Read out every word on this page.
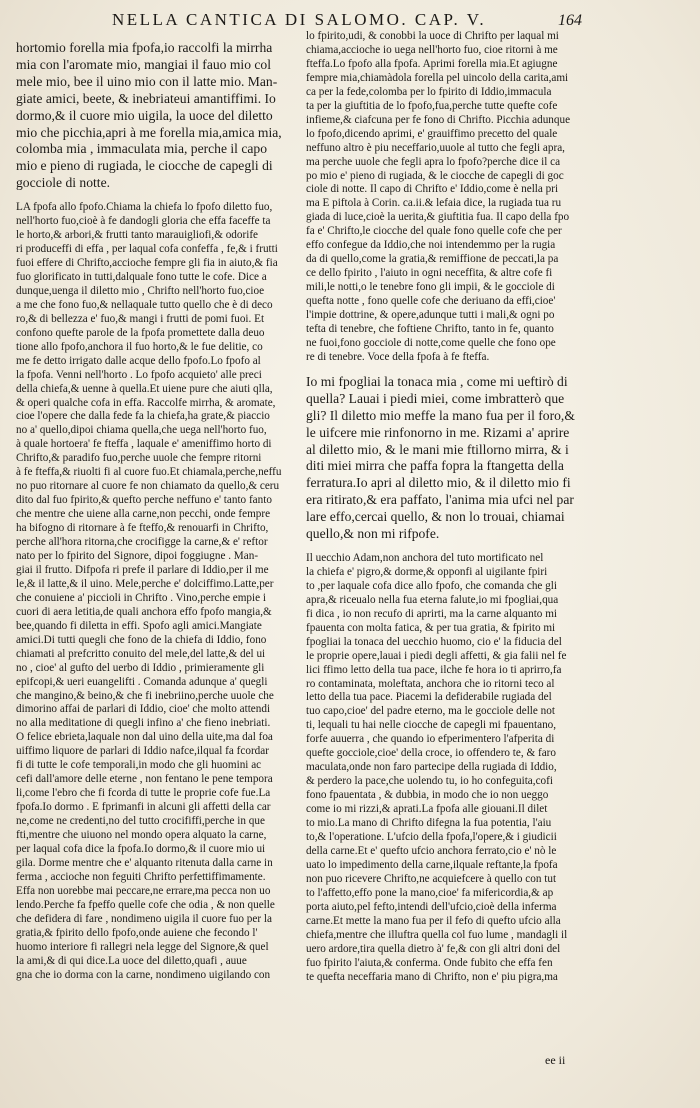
NELLA CANTICA DI SALOMO. CAP. V.	164

hortomio forella mia fpofa,io raccolfi la mirrha

mia con l'aromate mio, mangiai il fauo mio col

mele mio, bee il uino mio con il latte mio. Man-

giate amici, beete, & inebriateui amantiffimi. Io

dormo,& il cuore mio uigila, la uoce del diletto

mio che picchia,apri à me forella mia,amica mia,

colomba mia , immaculata mia, perche il capo

mio e pieno di rugiada, le ciocche de capegli di

gocciole di notte.

LA fpofa allo fpofo.Chiama la chiefa lo fpofo diletto fuo,

nell'horto fuo,cioè à fe dandogli gloria che effa faceffe ta

le horto,& arbori,& frutti tanto marauigliofi,& odorife

ri produceffi di effa , per laqual cofa confeffa , fe,& i frutti

fuoi effere di Chrifto,accioche fempre gli fia in aiuto,& fia

fuo glorificato in tutti,dalquale fono tutte le cofe. Dice a

dunque,uenga il diletto mio , Chrifto nell'horto fuo,cioe

a me che fono fuo,& nellaquale tutto quello che è di deco

ro,& di bellezza e' fuo,& mangi i frutti de pomi fuoi. Et

confono quefte parole de la fpofa promettete dalla deuo

tione allo fpofo,anchora il fuo horto,& le fue delitie, co

me fe detto irrigato dalle acque dello fpofo.Lo fpofo al

la fpofa. Venni nell'horto . Lo fpofo acquieto' alle preci

della chiefa,& uenne à quella.Et uiene pure che aiuti qlla,

& operi qualche cofa in effa. Raccolfe mirrha, & aromate,

cioe l'opere che dalla fede fa la chiefa,ha grate,& piaccio

no a' quello,dipoi chiama quella,che uega nell'horto fuo,

à quale hortoera' fe fteffa , laquale e' ameniffimo horto di

Chrifto,& paradifo fuo,perche uuole che fempre ritorni

à fe fteffa,& riuolti fi al cuore fuo.Et chiamala,perche,neffu

no puo ritornare al cuore fe non chiamato da quello,& ceru

dito dal fuo fpirito,& quefto perche neffuno e' tanto fanto

che mentre che uiene alla carne,non pecchi, onde fempre

ha bifogno di ritornare à fe fteffo,& renouarfi in Chrifto,

perche all'hora ritorna,che crocifigge la carne,& e' reftor

nato per lo fpirito del Signore, dipoi foggiugne . Man-

giai il frutto. Difpofa ri prefe il parlare di Iddio,per il me

le,& il latte,& il uino. Mele,perche e' dolciffimo.Latte,per

che conuiene a' piccioli in Chrifto . Vino,perche empie i

cuori di aera letitia,de quali anchora effo fpofo mangia,&

bee,quando fi diletta in effi. Spofo agli amici.Mangiate

amici.Di tutti quegli che fono de la chiefa di Iddio, fono

chiamati al prefcritto conuito del mele,del latte,& del ui

no , cioe' al gufto del uerbo di Iddio , primieramente gli

epifcopi,& ueri euangelifti . Comanda adunque a' quegli

che mangino,& beino,& che fi inebriino,perche uuole che

dimorino affai de parlari di Iddio, cioe' che molto attendi

no alla meditatione di quegli infino a' che fieno inebriati.

O felice ebrieta,laquale non dal uino della uite,ma dal foa

uiffimo liquore de parlari di Iddio nafce,ilqual fa fcordar

fi di tutte le cofe temporali,in modo che gli huomini ac

cefi dall'amore delle eterne , non fentano le pene tempora

li,come l'ebro che fi fcorda di tutte le proprie cofe fue.La

fpofa.Io dormo . E fprimanfi in alcuni gli affetti della car

ne,come ne credenti,no del tutto crocififfi,perche in que

fti,mentre che uiuono nel mondo opera alquato la carne,

per laqual cofa dice la fpofa.Io dormo,& il cuore mio ui

gila. Dorme mentre che e' alquanto ritenuta dalla carne in

ferma , accioche non feguiti Chrifto perfettiffimamente.

Effa non uorebbe mai peccare,ne errare,ma pecca non uo

lendo.Perche fa fpeffo quelle cofe che odia , & non quelle

che defidera di fare , nondimeno uigila il cuore fuo per la

gratia,& fpirito dello fpofo,onde auiene che fecondo l'

huomo interiore fi rallegri nela legge del Signore,& quel

la ami,& di qui dice.La uoce del diletto,quafi , auue

gna che io dorma con la carne, nondimeno uigilando con

lo fpirito,udi, & conobbi la uoce di Chrifto per laqual mi

chiama,accioche io uega nell'horto fuo, cioe ritorni à me

fteffa.Lo fpofo alla fpofa. Aprimi forella mia.Et agiugne

fempre mia,chiamàdola forella pel uincolo della carita,ami

ca per la fede,colomba per lo fpirito di Iddio,immacula

ta per la giuftitia de lo fpofo,fua,perche tutte quefte cofe

infieme,& ciafcuna per fe fono di Chrifto. Picchia adunque

lo fpofo,dicendo aprimi, e' grauiffimo precetto del quale

neffuno altro è piu neceffario,uuole al tutto che fegli apra,

ma perche uuole che fegli apra lo fpofo?perche dice il ca

po mio e' pieno di rugiada, & le ciocche de capegli di goc

ciole di notte. Il capo di Chrifto e' Iddio,come è nella pri

ma E piftola à Corin. ca.ii.& lefaia dice, la rugiada tua ru

giada di luce,cioè la uerita,& giuftitia fua. Il capo della fpo

fa e' Chrifto,le ciocche del quale fono quelle cofe che per

effo confegue da Iddio,che noi intendemmo per la rugia

da di quello,come la gratia,& remiffione de peccati,la pa

ce dello fpirito , l'aiuto in ogni neceffita, & altre cofe fi

mili,le notti,o le tenebre fono gli impii, & le gocciole di

quefta notte , fono quelle cofe che deriuano da effi,cioe'

l'impie dottrine, & opere,adunque tutti i mali,& ogni po

tefta di tenebre, che foftiene Chrifto, tanto in fe, quanto

ne fuoi,fono gocciole di notte,come quelle che fono ope

re di tenebre. Voce della fpofa à fe fteffa.

Io mi fpogliai la tonaca mia , come mi ueftirò di

quella? Lauai i piedi miei, come imbratterò que

gli? Il diletto mio meffe la mano fua per il foro,&

le uifcere mie rinfonorno in me. Rizami a' aprire

al diletto mio, & le mani mie ftillorno mirra, & i

diti miei mirra che paffa fopra la ftangetta della

ferratura.Io apri al diletto mio, & il diletto mio fi

era ritirato,& era paffato, l'anima mia ufci nel par

lare effo,cercai quello, & non lo trouai, chiamai

quello,& non mi rifpofe.

Il uecchio Adam,non anchora del tuto mortificato nel

la chiefa e' pigro,& dorme,& opponfi al uigilante fpiri

to ,per laquale cofa dice allo fpofo, che comanda che gli

apra,& riceualo nella fua eterna falute,io mi fpogliai,qua

fi dica , io non recufo di aprirti, ma la carne alquanto mi

fpauenta con molta fatica, & per tua gratia, & fpirito mi

fpogliai la tonaca del uecchio huomo, cio e' la fiducia del

le proprie opere,lauai i piedi degli affetti, & gia falii nel fe

lici ffimo letto della tua pace, ilche fe hora io ti aprirro,fa

ro contaminata, moleftata, anchora che io ritorni teco al

letto della tua pace. Piacemi la defiderabile rugiada del

tuo capo,cioe' del padre eterno, ma le gocciole delle not

ti, lequali tu hai nelle ciocche de capegli mi fpauentano,

forfe auuerra , che quando io efperimentero l'afperita di

quefte gocciole,cioe' della croce, io offendero te, & faro

maculata,onde non faro partecipe della rugiada di Iddio,

& perdero la pace,che uolendo tu, io ho confeguita,cofi

fono fpauentata , & dubbia, in modo che io non ueggo

come io mi rizzi,& aprati.La fpofa alle giouani.Il dilet

to mio.La mano di Chrifto difegna la fua potentia, l'aiu

to,& l'operatione. L'ufcio della fpofa,l'opere,& i giudicii

della carne.Et e' quefto ufcio anchora ferrato,cio e' nò le

uato lo impedimento della carne,ilquale reftante,la fpofa

non puo ricevere Chrifto,ne acquiefcere à quello con tut

to l'affetto,effo pone la mano,cioe' fa mifericordia,& ap

porta aiuto,pel fefto,intendi dell'ufcio,cioè della inferma

carne.Et mette la mano fua per il fefo di quefto ufcio alla

chiefa,mentre che illuftra quella col fuo lume , mandagli il

uero ardore,tira quella dietro à' fe,& con gli altri doni del

fuo fpirito l'aiuta,& conferma. Onde fubito che effa fen

te quefta neceffaria mano di Chrifto, non e' piu pigra,ma

ee ii
